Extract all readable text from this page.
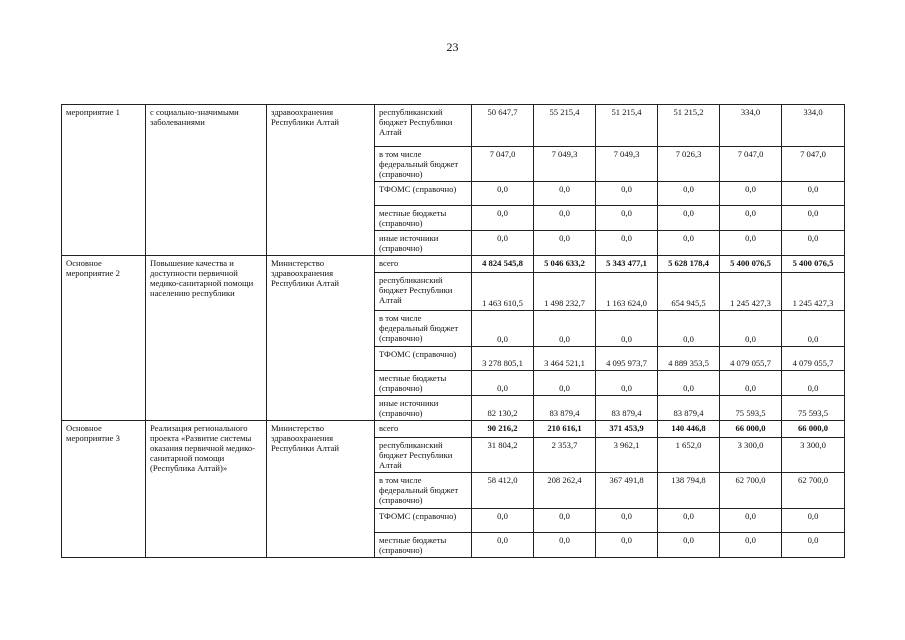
23
мероприятие 1	с социально-значимыми заболеваниями	здравоохранения Республики Алтай	республиканский бюджет Республики Алтай	50 647,7	55 215,4	51 215,4	51 215,2	334,0	334,0
			в том числе федеральный бюджет (справочно)	7 047,0	7 049,3	7 049,3	7 026,3	7 047,0	7 047,0
			ТФОМС (справочно)	0,0	0,0	0,0	0,0	0,0	0,0
			местные бюджеты (справочно)	0,0	0,0	0,0	0,0	0,0	0,0
			иные источники (справочно)	0,0	0,0	0,0	0,0	0,0	0,0
Основное мероприятие 2	Повышение качества и доступности первичной медико-санитарной помощи населению республики	Министерство здравоохранения Республики Алтай	всего	4 824 545,8	5 046 633,2	5 343 477,1	5 628 178,4	5 400 076,5	5 400 076,5
			республиканский бюджет Республики Алтай	1 463 610,5	1 498 232,7	1 163 624,0	654 945,5	1 245 427,3	1 245 427,3
			в том числе федеральный бюджет (справочно)	0,0	0,0	0,0	0,0	0,0	0,0
			ТФОМС (справочно)	3 278 805,1	3 464 521,1	4 095 973,7	4 889 353,5	4 079 055,7	4 079 055,7
			местные бюджеты (справочно)	0,0	0,0	0,0	0,0	0,0	0,0
			иные источники (справочно)	82 130,2	83 879,4	83 879,4	83 879,4	75 593,5	75 593,5
Основное мероприятие 3	Реализация регионального проекта «Развитие системы оказания первичной медико-санитарной помощи (Республика Алтай)»	Министерство здравоохранения Республики Алтай	всего	90 216,2	210 616,1	371 453,9	140 446,8	66 000,0	66 000,0
			республиканский бюджет Республики Алтай	31 804,2	2 353,7	3 962,1	1 652,0	3 300,0	3 300,0
			в том числе федеральный бюджет (справочно)	58 412,0	208 262,4	367 491,8	138 794,8	62 700,0	62 700,0
			ТФОМС (справочно)	0,0	0,0	0,0	0,0	0,0	0,0
			местные бюджеты (справочно)	0,0	0,0	0,0	0,0	0,0	0,0
